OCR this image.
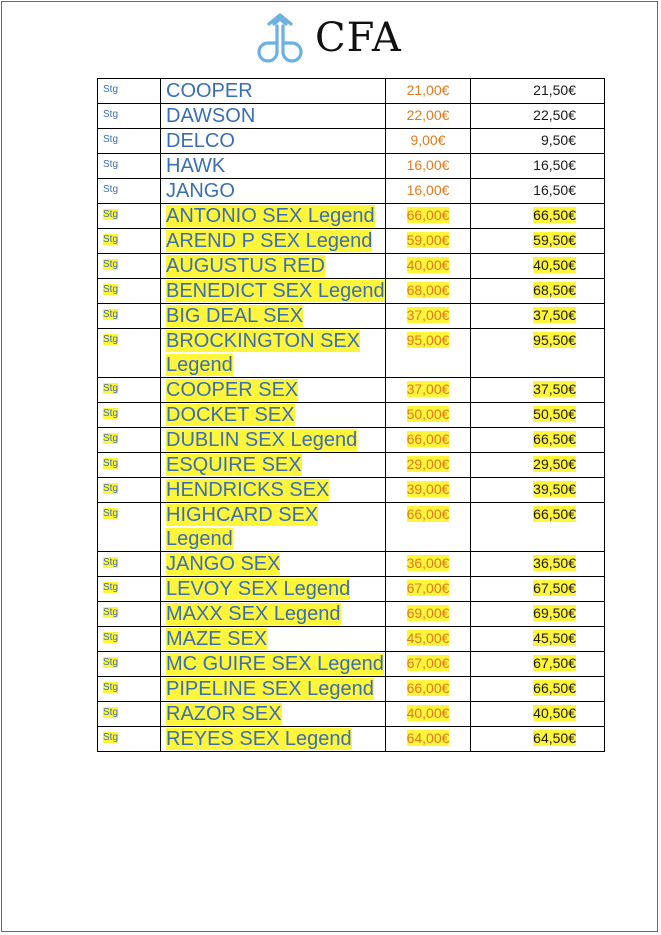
CFA
Stg	COOPER	21,00€	21,50€
Stg	DAWSON	22,00€	22,50€
Stg	DELCO	9,00€	9,50€
Stg	HAWK	16,00€	16,50€
Stg	JANGO	16,00€	16,50€
Stg	ANTONIO SEX Legend	66,00€	66,50€
Stg	AREND P SEX Legend	59,00€	59,50€
Stg	AUGUSTUS RED	40,00€	40,50€
Stg	BENEDICT SEX Legend	68,00€	68,50€
Stg	BIG DEAL SEX	37,00€	37,50€
Stg	BROCKINGTON SEX Legend	95,00€	95,50€
Stg	COOPER SEX	37,00€	37,50€
Stg	DOCKET SEX	50,00€	50,50€
Stg	DUBLIN SEX Legend	66,00€	66,50€
Stg	ESQUIRE SEX	29,00€	29,50€
Stg	HENDRICKS SEX	39,00€	39,50€
Stg	HIGHCARD SEX Legend	66,00€	66,50€
Stg	JANGO SEX	36,00€	36,50€
Stg	LEVOY SEX Legend	67,00€	67,50€
Stg	MAXX SEX Legend	69,00€	69,50€
Stg	MAZE SEX	45,00€	45,50€
Stg	MC GUIRE SEX Legend	67,00€	67,50€
Stg	PIPELINE SEX Legend	66,00€	66,50€
Stg	RAZOR SEX	40,00€	40,50€
Stg	REYES SEX Legend	64,00€	64,50€
